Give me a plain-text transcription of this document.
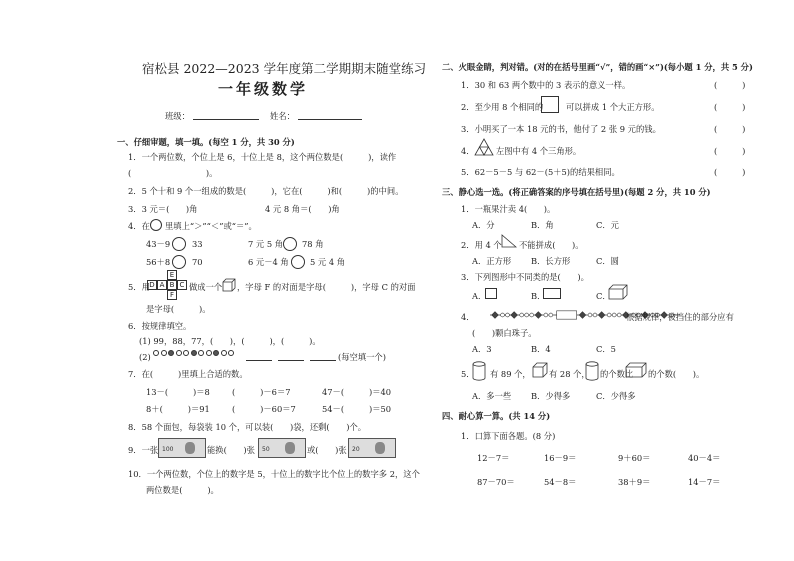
宿松县 2022—2023 学年度第二学期期末随堂练习
一年级数学
班级：	姓名：
一、仔细审题，填一填。(每空 1 分，共 30 分)
1．一个两位数，个位上是 6，十位上是 8，这个两位数是(　　　)，读作
(　　　　　　　　　)。
2．5 个十和 9 个一组成的数是(　　　)，它在(　　　)和(　　　)的中间。
3．3 元＝(　　)角	4 元 8 角＝(　　)角
4．在 里填上“＞”“＜”或“＝”。
43－9	33	7 元 5 角 78 角
56＋8	70	6 元－4 角	5 元 4 角
5．用
E
D A B C
F
做成一个 ，字母 F 的对面是字母(　　　)，字母 C 的对面
是字母(　　　)。
6．按规律填空。
(1) 99，88，77，(　　)，(　　　)，(　　　)。
(2)	(每空填一个)
7．在(　　　)里填上合适的数。
13－(　　　)＝8	(　　　)－6＝7	47－(　　　)＝40
8＋(　　　)＝91	(　　　)－60＝7	54－(　　　)＝50
8．58 个面包，每袋装 10 个，可以装(　　)袋，还剩(　　)个。
9．一张 100	能换(　　)张 50	或(　　)张 20
10．一个两位数，个位上的数字是 5，十位上的数字比个位上的数字多 2，这个
两位数是(　　　)。
二、火眼金睛，判对错。(对的在括号里画“√”，错的画“×”)(每小题 1 分，共 5 分)
1．30 和 63 两个数中的 3 表示的意义一样。	(　　　)
2．至少用 8 个相同的	可以拼成 1 个大正方形。	(　　　)
3．小明买了一本 18 元的书，他付了 2 张 9 元的钱。	(　　　)
4．	左图中有 4 个三角形。	(　　　)
5．62－5－5 与 62－(5＋5)的结果相同。	(　　　)
三、静心选一选。(将正确答案的序号填在括号里)(每题 2 分，共 10 分)
1．一瓶果汁卖 4(　　)。
A．分	B．角	C．元
2．用 4 个 不能拼成(　　)。
A．正方形 B．长方形	C．圆
3．下列图形中不同类的是(　　)。
A．	B．	C．
4．	根据规律，被挡住的部分应有
(　　)颗白珠子。
A．3	B．4	C．5
5． 有 89 个， 有 28 个， 的个数比 的个数(　　)。
A．多一些 B．少得多	C．少得多
四、耐心算一算。(共 14 分)
1．口算下面各题。(8 分)
12－7＝	16－9＝	9＋60＝	40－4＝
87－70＝	54－8＝	38＋9＝	14－7＝
